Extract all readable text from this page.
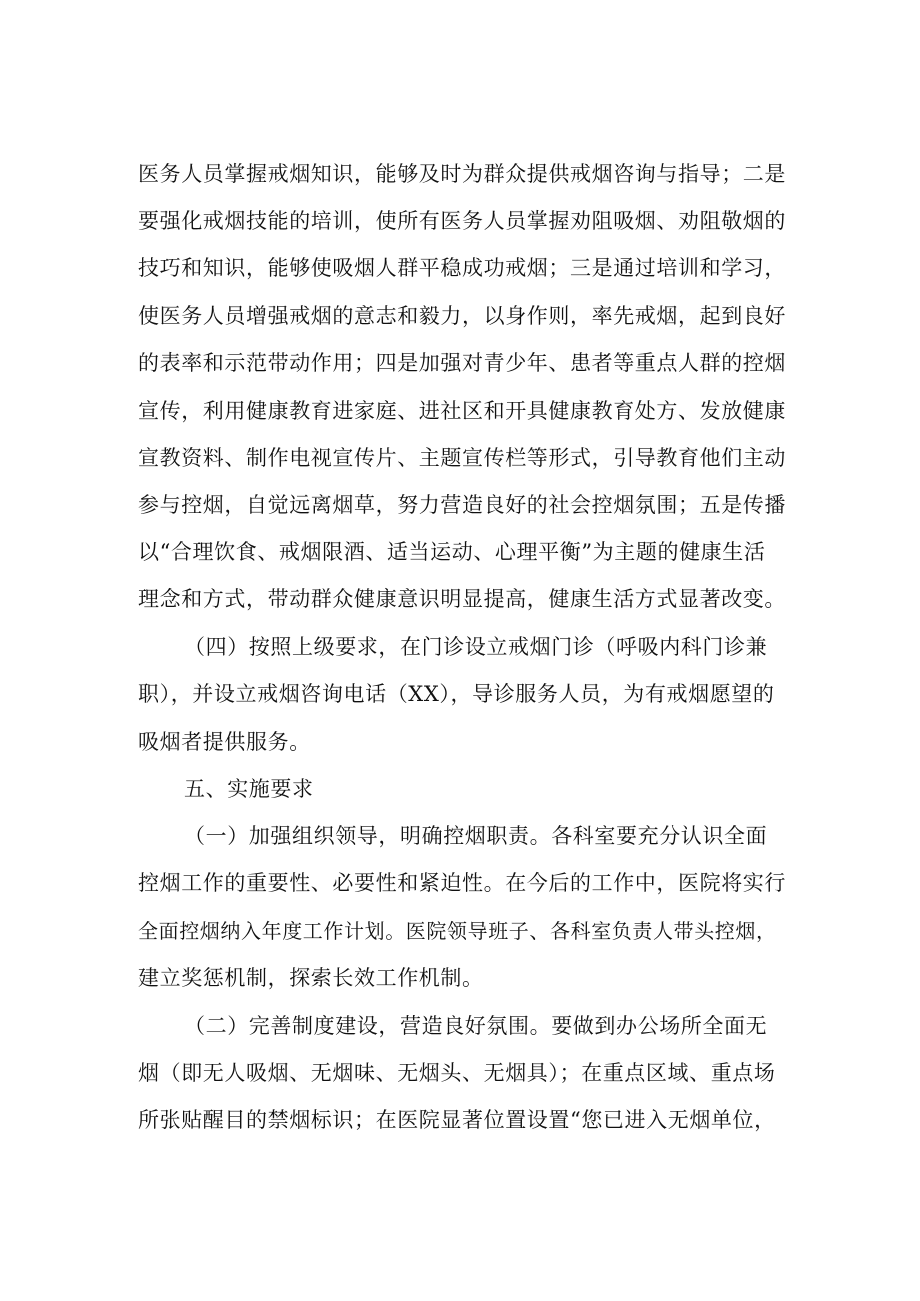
医务人员掌握戒烟知识，能够及时为群众提供戒烟咨询与指导；二是
要强化戒烟技能的培训，使所有医务人员掌握劝阻吸烟、劝阻敬烟的
技巧和知识，能够使吸烟人群平稳成功戒烟；三是通过培训和学习，
使医务人员增强戒烟的意志和毅力，以身作则，率先戒烟，起到良好
的表率和示范带动作用；四是加强对青少年、患者等重点人群的控烟
宣传，利用健康教育进家庭、进社区和开具健康教育处方、发放健康
宣教资料、制作电视宣传片、主题宣传栏等形式，引导教育他们主动
参与控烟，自觉远离烟草，努力营造良好的社会控烟氛围；五是传播
以“合理饮食、戒烟限酒、适当运动、心理平衡”为主题的健康生活
理念和方式，带动群众健康意识明显提高，健康生活方式显著改变。
（四）按照上级要求，在门诊设立戒烟门诊（呼吸内科门诊兼
职），并设立戒烟咨询电话（XX），导诊服务人员，为有戒烟愿望的
吸烟者提供服务。
五、实施要求
（一）加强组织领导，明确控烟职责。各科室要充分认识全面
控烟工作的重要性、必要性和紧迫性。在今后的工作中，医院将实行
全面控烟纳入年度工作计划。医院领导班子、各科室负责人带头控烟，
建立奖惩机制，探索长效工作机制。
（二）完善制度建设，营造良好氛围。要做到办公场所全面无
烟（即无人吸烟、无烟味、无烟头、无烟具）；在重点区域、重点场
所张贴醒目的禁烟标识；在医院显著位置设置“您已进入无烟单位，
